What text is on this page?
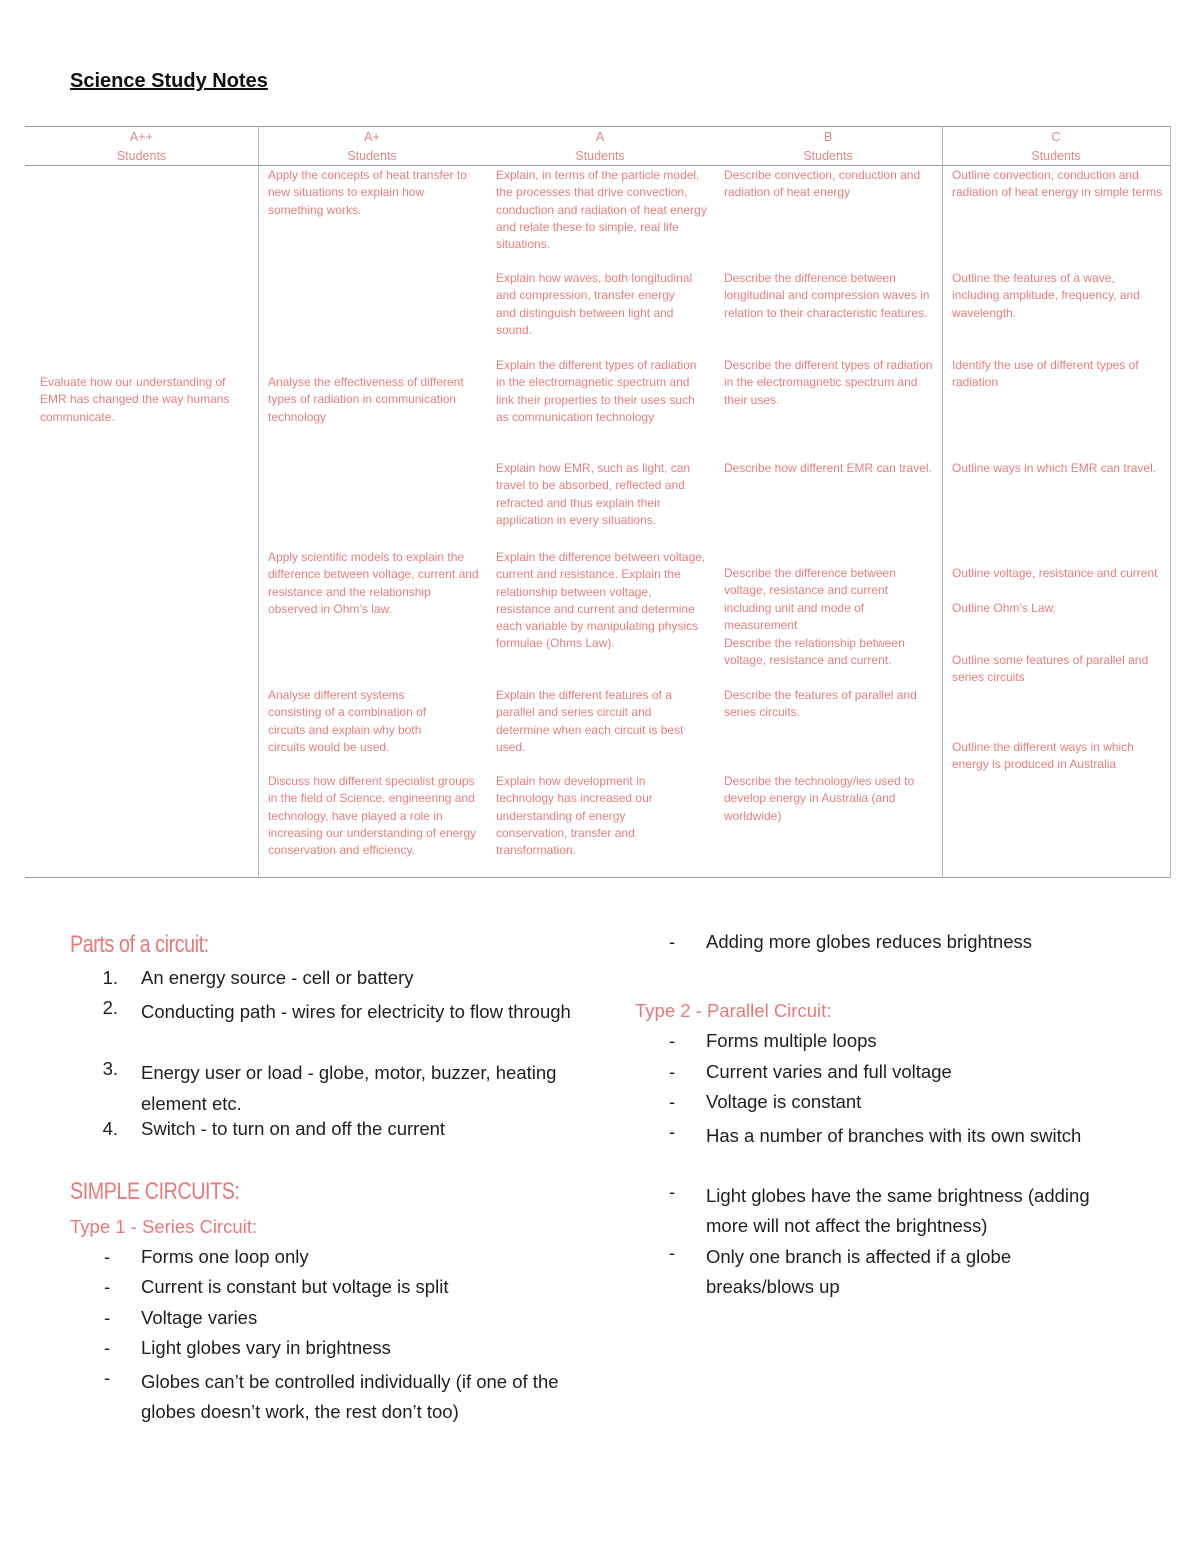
Science Study Notes
A++
Students
A+
Students
A
Students
B
Students
C
Students
Evaluate how our understanding of EMR has changed the way humans communicate.
Apply the concepts of heat transfer to new situations to explain how something works.
Analyse the effectiveness of different types of radiation in communication technology
Apply scientific models to explain the difference between voltage, current and resistance and the relationship observed in Ohm’s law.
Analyse different systems consisting of a combination of circuits and explain why both circuits would be used.
Discuss how different specialist groups in the field of Science, engineering and technology, have played a role in increasing our understanding of energy conservation and efficiency.
Explain, in terms of the particle model, the processes that drive convection, conduction and radiation of heat energy and relate these to simple, real life situations.
Explain how waves, both longitudinal and compression, transfer energy and distinguish between light and sound.
Explain the different types of radiation in the electromagnetic spectrum and link their properties to their uses such as communication technology
Explain how EMR, such as light, can travel to be absorbed, reflected and refracted and thus explain their application in every situations.
Explain the difference between voltage, current and resistance. Explain the relationship between voltage, resistance and current and determine each variable by manipulating physics formulae (Ohms Law).
Explain the different features of a parallel and series circuit and determine when each circuit is best used.
Explain how development in technology has increased our understanding of energy conservation, transfer and transformation.
Describe convection, conduction and radiation of heat energy
Describe the difference between longitudinal and compression waves in relation to their characteristic features.
Describe the different types of radiation in the electromagnetic spectrum and their uses.
Describe how different EMR can travel.
Describe the difference between voltage, resistance and current including unit and mode of measurement
Describe the relationship between voltage, resistance and current.
Describe the features of parallel and series circuits.
Describe the technology/ies used to develop energy in Australia (and worldwide)
Outline convection, conduction and radiation of heat energy in simple terms
Outline the features of a wave, including amplitude, frequency, and wavelength.
Identify the use of different types of radiation
Outline ways in which EMR can travel.
Outline voltage, resistance and current
Outline Ohm’s Law.
Outline some features of parallel and series circuits
Outline the different ways in which energy is produced in Australia
Parts of a circuit:
1. An energy source - cell or battery
2. Conducting path - wires for electricity to flow through
3. Energy user or load - globe, motor, buzzer, heating element etc.
4. Switch - to turn on and off the current
SIMPLE CIRCUITS:
Type 1 - Series Circuit:
- Forms one loop only
- Current is constant but voltage is split
- Voltage varies
- Light globes vary in brightness
- Globes can’t be controlled individually (if one of the globes doesn’t work, the rest don’t too)
- Adding more globes reduces brightness
Type 2 - Parallel Circuit:
- Forms multiple loops
- Current varies and full voltage
- Voltage is constant
- Has a number of branches with its own switch
- Light globes have the same brightness (adding more will not affect the brightness)
- Only one branch is affected if a globe breaks/blows up
